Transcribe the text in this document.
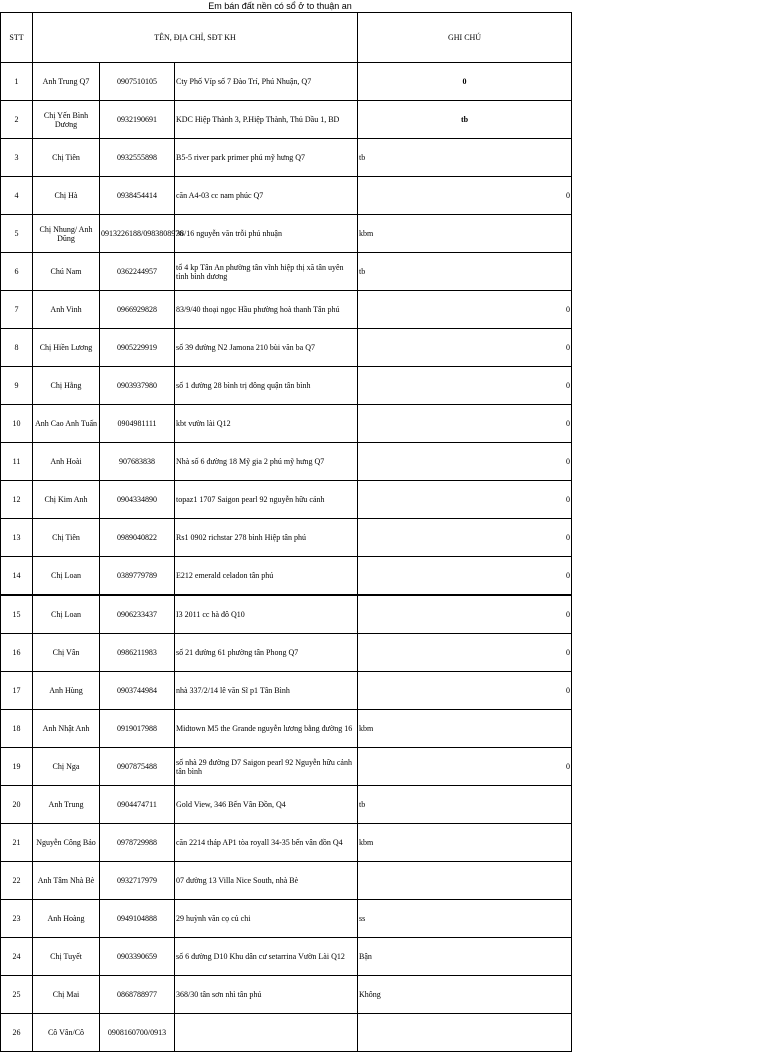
Em bán đất nền có sổ ở to thuận an
STT	TÊN, ĐỊA CHỈ, SĐT KH			GHI CHÚ
1	Anh Trung Q7	0907510105	Cty Phố Víp số 7 Đào Trí, Phú Nhuận, Q7	0
2	Chị Yến Bình Dương	0932190691	KDC Hiệp Thành 3, P.Hiệp Thành, Thủ Dầu 1, BD	tb
3	Chị Tiên	0932555898	B5-5 river park primer phú mỹ hưng Q7	tb
4	Chị Hà	0938454414	căn A4-03 cc nam phúc Q7	0
5	Chị Nhung/ Anh Dũng	0913226188/0983808976	38/16 nguyễn văn trỗi phú nhuận	kbm
6	Chú Nam	0362244957	tổ 4 kp Tân An phường tân vĩnh hiệp thị xã tân uyên tỉnh bình dương	tb
7	Anh Vinh	0966929828	83/9/40 thoại ngọc Hầu phường hoà thanh Tân phú	0
8	Chị Hiền Lương	0905229919	số 39 đường N2 Jamona 210 bùi văn ba Q7	0
9	Chị Hằng	0903937980	số 1 đường 28 bình trị đông quận tân bình	0
10	Anh Cao Anh Tuấn	0904981111	kbt vườn lài Q12	0
11	Anh Hoài	907683838	Nhà số 6 đường 18 Mỹ gia 2 phú mỹ hưng Q7	0
12	Chị Kim Anh	0904334890	topaz1 1707 Saigon pearl 92 nguyễn hữu cảnh	0
13	Chị Tiên	0989040822	Rs1 0902 richstar 278 bình Hiệp tân phú	0
14	Chị Loan	0389779789	E212 emerald celadon tân phú	0
15	Chị Loan	0906233437	I3 2011 cc hà đô Q10	0
16	Chị Vân	0986211983	số 21 đường 61 phường tân Phong Q7	0
17	Anh Hùng	0903744984	nhà 337/2/14 lê văn Sĩ p1 Tân Bình	0
18	Anh Nhật Anh	0919017988	Midtown M5 the Grande nguyễn lương bằng đường 16	kbm
19	Chị Nga	0907875488	số nhà 29 đường D7 Saigon pearl 92 Nguyễn hữu cảnh tân bình	0
20	Anh Trung	0904474711	Gold View, 346 Bến Vân Đồn, Q4	tb
21	Nguyễn Công Bảo	0978729988	căn 2214 tháp AP1 tòa royall 34-35 bến vân đồn Q4	kbm
22	Anh Tâm Nhà Bè	0932717979	07 đường 13 Villa Nice South, nhà Bè	
23	Anh Hoàng	0949104888	29 huỳnh văn cọ củ chi	ss
24	Chị Tuyết	0903390659	số 6 đường D10 Khu dân cư setarrina Vườn Lài Q12	Bận
25	Chị Mai	0868788977	368/30 tân sơn nhì tân phú	Không
26	Cô Vân/Cô	0908160700/0913		
